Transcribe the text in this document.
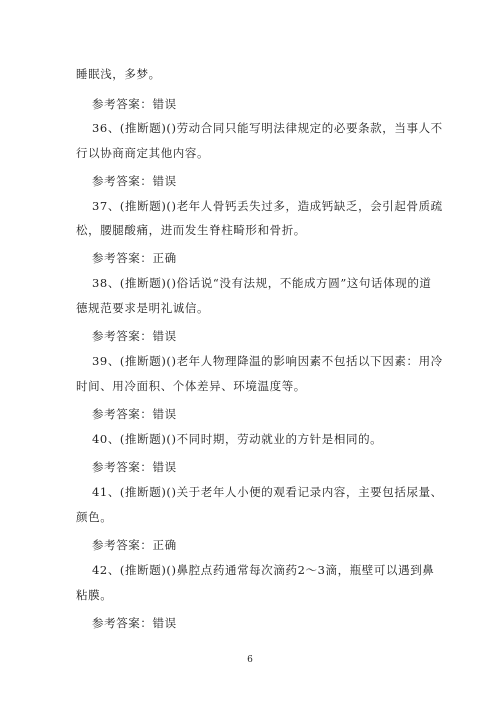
睡眠浅，多梦。
参考答案：错误
36、(推断题)()劳动合同只能写明法律规定的必要条款，当事人不
行以协商商定其他内容。
参考答案：错误
37、(推断题)()老年人骨钙丢失过多，造成钙缺乏，会引起骨质疏
松，腰腿酸痛，进而发生脊柱畸形和骨折。
参考答案：正确
38、(推断题)()俗话说“没有法规，不能成方圆”这句话体现的道
德规范要求是明礼诚信。
参考答案：错误
39、(推断题)()老年人物理降温的影响因素不包括以下因素：用冷
时间、用冷面积、个体差异、环境温度等。
参考答案：错误
40、(推断题)()不同时期，劳动就业的方针是相同的。
参考答案：错误
41、(推断题)()关于老年人小便的观看记录内容，主要包括尿量、
颜色。
参考答案：正确
42、(推断题)()鼻腔点药通常每次滴药2～3滴，瓶壁可以遇到鼻
粘膜。
参考答案：错误
6
